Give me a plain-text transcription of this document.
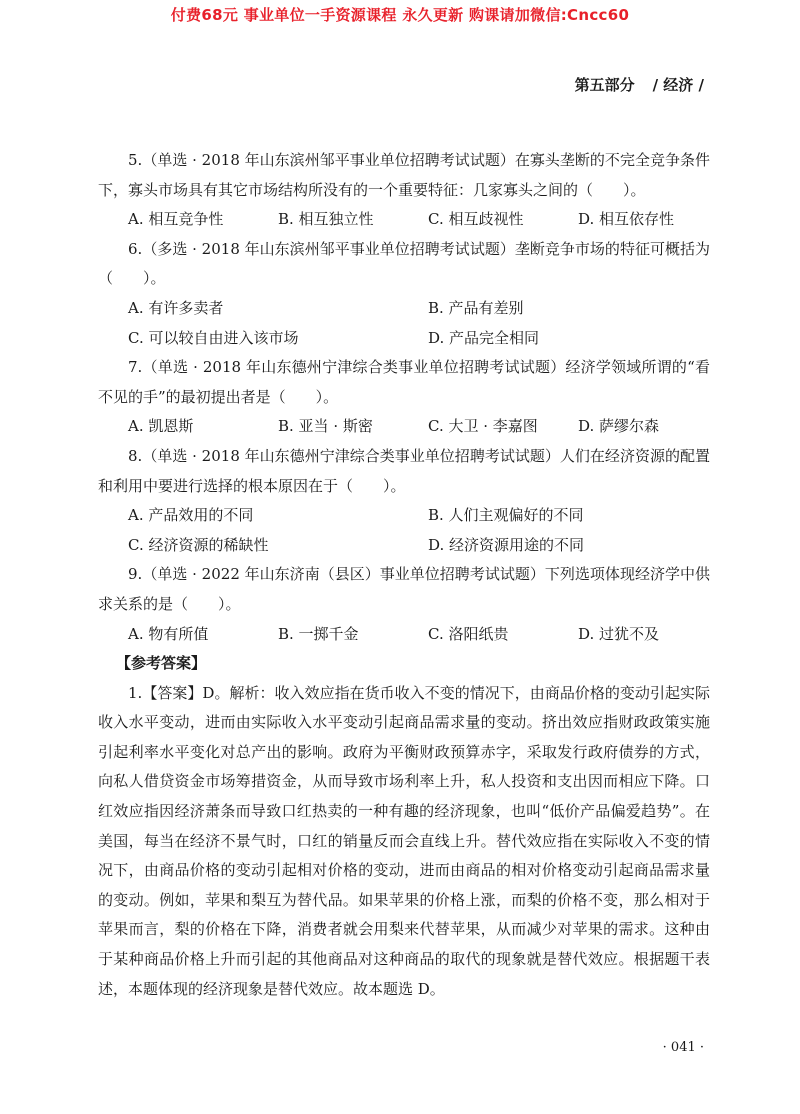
付费68元 事业单位一手资源课程 永久更新 购课请加微信:Cncc60
第五部分 / 经济 /

5.（单选 · 2018 年山东滨州邹平事业单位招聘考试试题）在寡头垄断的不完全竞争条件下，寡头市场具有其它市场结构所没有的一个重要特征：几家寡头之间的（　　）。

A. 相互竞争性	B. 相互独立性	C. 相互歧视性	D. 相互依存性

6.（多选 · 2018 年山东滨州邹平事业单位招聘考试试题）垄断竞争市场的特征可概括为（　　）。

A. 有许多卖者	B. 产品有差别
C. 可以较自由进入该市场	D. 产品完全相同

7.（单选 · 2018 年山东德州宁津综合类事业单位招聘考试试题）经济学领域所谓的“看不见的手”的最初提出者是（　　）。

A. 凯恩斯	B. 亚当 · 斯密	C. 大卫 · 李嘉图	D. 萨缪尔森

8.（单选 · 2018 年山东德州宁津综合类事业单位招聘考试试题）人们在经济资源的配置和利用中要进行选择的根本原因在于（　　）。

A. 产品效用的不同	B. 人们主观偏好的不同
C. 经济资源的稀缺性	D. 经济资源用途的不同

9.（单选 · 2022 年山东济南（县区）事业单位招聘考试试题）下列选项体现经济学中供求关系的是（　　）。

A. 物有所值	B. 一掷千金	C. 洛阳纸贵	D. 过犹不及

【参考答案】

1.【答案】D。解析：收入效应指在货币收入不变的情况下，由商品价格的变动引起实际收入水平变动，进而由实际收入水平变动引起商品需求量的变动。挤出效应指财政政策实施引起利率水平变化对总产出的影响。政府为平衡财政预算赤字，采取发行政府债券的方式，向私人借贷资金市场筹措资金，从而导致市场利率上升，私人投资和支出因而相应下降。口红效应指因经济萧条而导致口红热卖的一种有趣的经济现象，也叫“低价产品偏爱趋势”。在美国，每当在经济不景气时，口红的销量反而会直线上升。替代效应指在实际收入不变的情况下，由商品价格的变动引起相对价格的变动，进而由商品的相对价格变动引起商品需求量的变动。例如，苹果和梨互为替代品。如果苹果的价格上涨，而梨的价格不变，那么相对于苹果而言，梨的价格在下降，消费者就会用梨来代替苹果，从而减少对苹果的需求。这种由于某种商品价格上升而引起的其他商品对这种商品的取代的现象就是替代效应。根据题干表述，本题体现的经济现象是替代效应。故本题选 D。

· 041 ·
